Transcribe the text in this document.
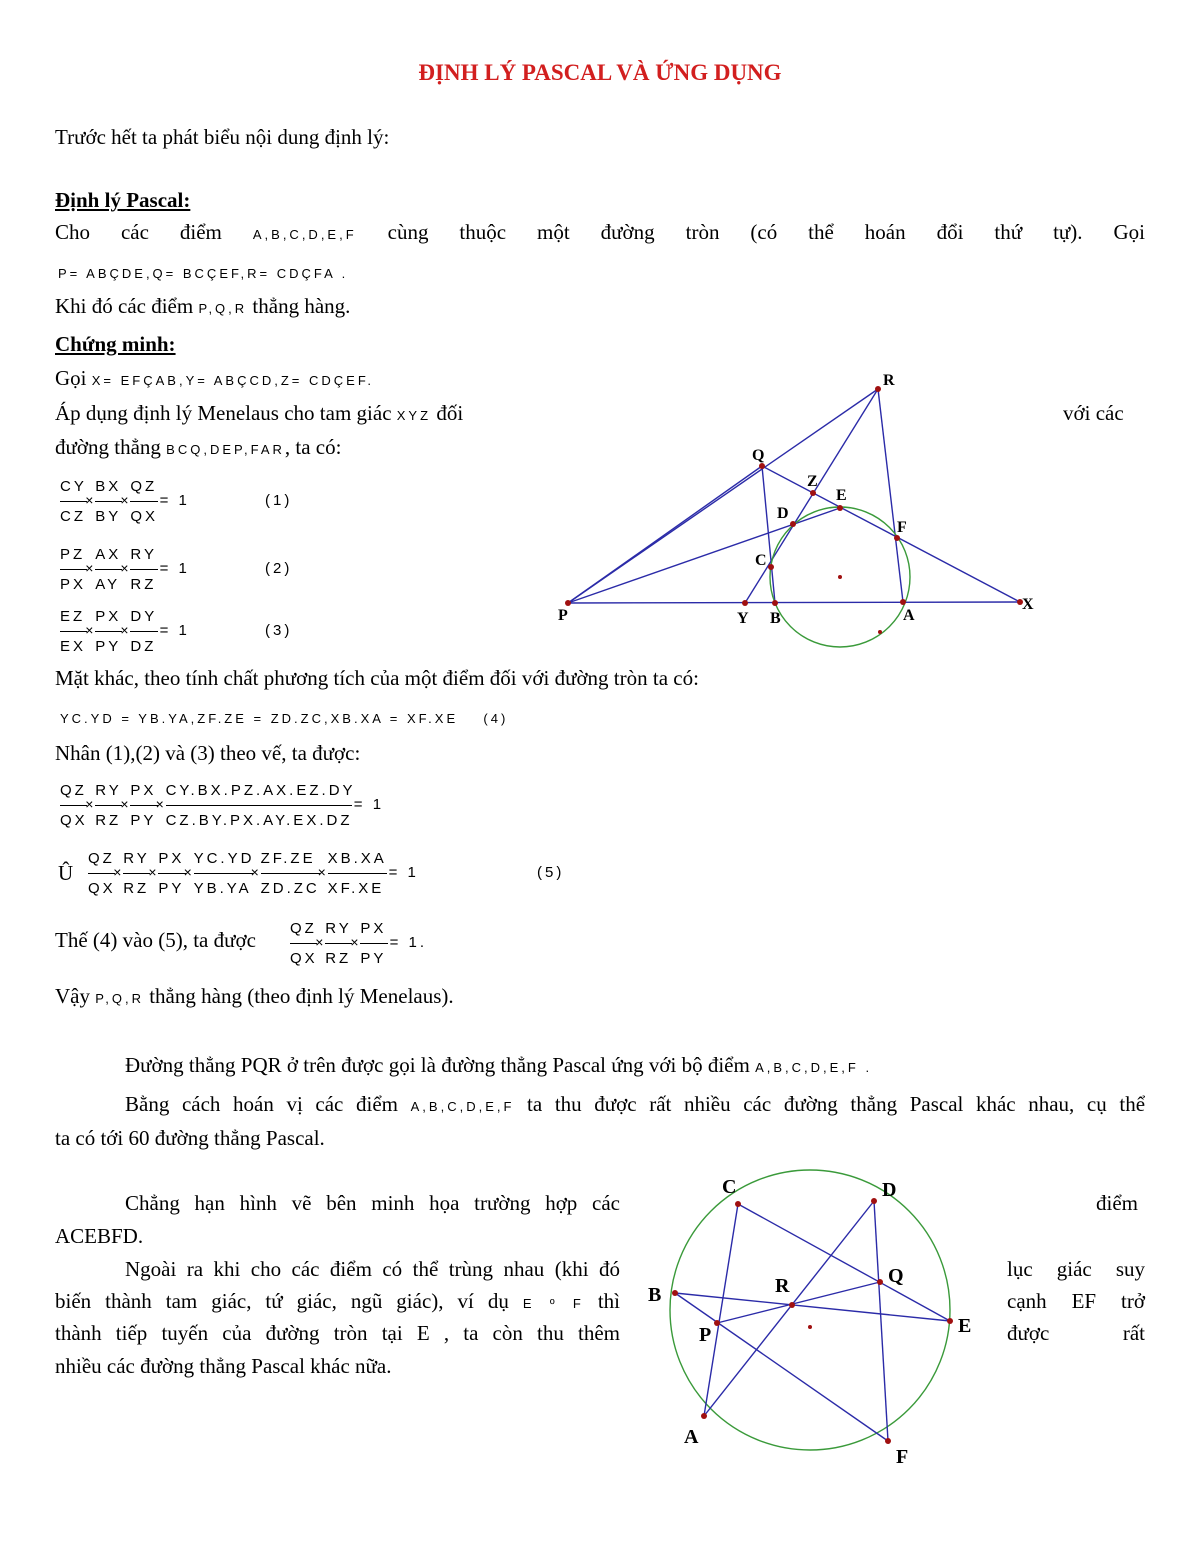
ĐỊNH LÝ PASCAL VÀ ỨNG DỤNG
Trước hết ta phát biểu nội dung định lý:
Định lý Pascal:
Cho các điểm A,B,C,D,E,F cùng thuộc một đường tròn (có thể hoán đổi thứ tự). Gọi
P= ABÇDE,Q= BCÇEF,R= CDÇFA .
Khi đó các điểm P,Q,R thẳng hàng.
Chứng minh:
Gọi X= EFÇAB,Y= ABÇCD,Z= CDÇEF.
Áp dụng định lý Menelaus cho tam giác XYZ đối	với các
đường thẳng BCQ,DEP,FAR, ta có:
CY
CZ
×
BX
BY
×
QZ
QX
= 1	(1)
PZ
PX
×
AX
AY
×
RY
RZ
= 1	(2)
EZ
EX
×
PX
PY
×
DY
DZ
= 1	(3)
QZ
QX
×
RY
RZ
×
PX
PY
×
CY.BX.PZ.AX.EZ.DY
CZ.BY.PX.AY.EX.DZ
= 1
QZ
QX
×
RY
RZ
×
PX
PY
×
YC.YD
YB.YA
×
ZF.ZE
ZD.ZC
×
XB.XA
XF.XE
= 1	(5)
QZ
QX
×
RY
RZ
×
PX
PY
= 1.
Mặt khác, theo tính chất phương tích của một điểm đối với đường tròn ta có:
YC.YD = YB.YA,ZF.ZE = ZD.ZC,XB.XA = XF.XE (4)
Nhân (1),(2) và (3) theo vế, ta được:
Û
Thế (4) vào (5), ta được
Vậy P,Q,R thẳng hàng (theo định lý Menelaus).
Đường thẳng PQR ở trên được gọi là đường thẳng Pascal ứng với bộ điểm A,B,C,D,E,F .
Bằng cách hoán vị các điểm A,B,C,D,E,F ta thu được rất nhiều các đường thẳng Pascal khác nhau, cụ thể
ta có tới 60 đường thẳng Pascal.
Chẳng hạn hình vẽ bên minh họa trường hợp các	điểm
ACEBFD.
Ngoài ra khi cho các điểm có thể trùng nhau (khi đó	lục giác suy
biến thành tam giác, tứ giác, ngũ giác), ví dụ E º F thì	cạnh EF trở
thành tiếp tuyến của đường tròn tại E , ta còn thu thêm	được rất
nhiều các đường thẳng Pascal khác nữa.
R
Q
Z
E
D
F
C
P	Y B	A
X
C	D
Q
R
B
E
P
A
F
